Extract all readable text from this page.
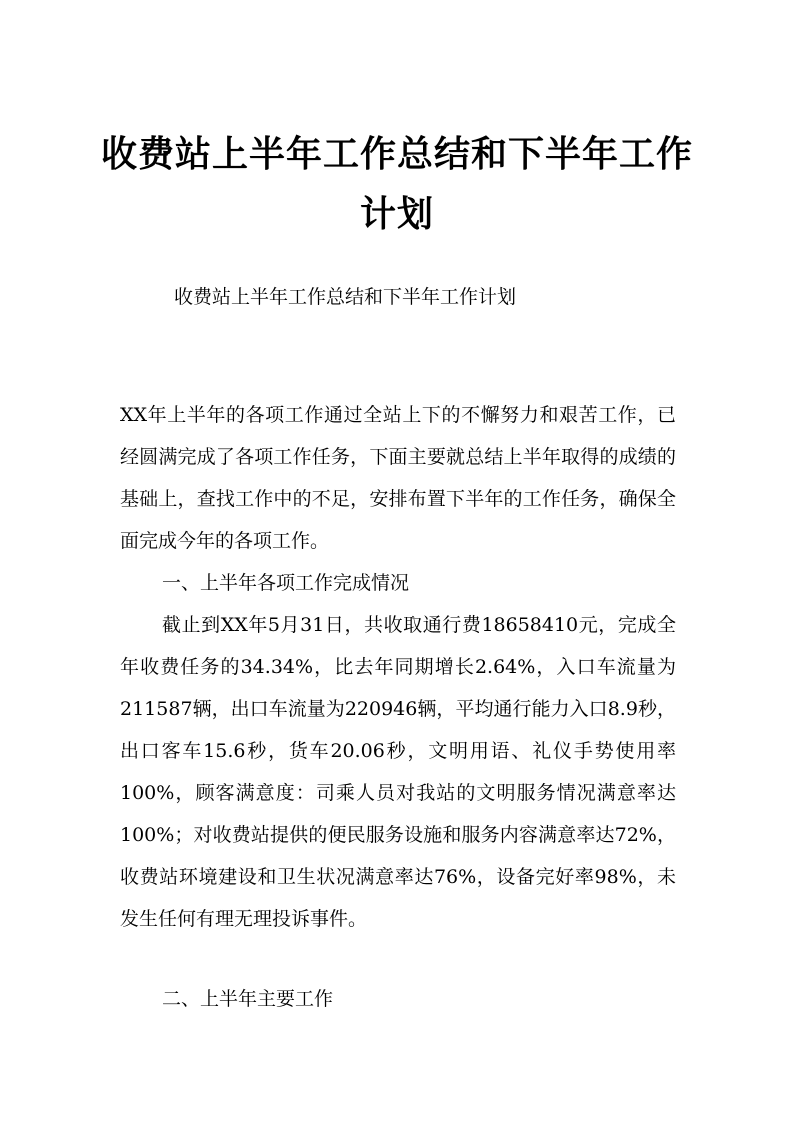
收费站上半年工作总结和下半年工作计划
收费站上半年工作总结和下半年工作计划

XX年上半年的各项工作通过全站上下的不懈努力和艰苦工作，已经圆满完成了各项工作任务，下面主要就总结上半年取得的成绩的基础上，查找工作中的不足，安排布置下半年的工作任务，确保全面完成今年的各项工作。

一、上半年各项工作完成情况

截止到XX年5月31日，共收取通行费18658410元，完成全年收费任务的34.34%，比去年同期增长2.64%，入口车流量为211587辆，出口车流量为220946辆，平均通行能力入口8.9秒，出口客车15.6秒，货车20.06秒，文明用语、礼仪手势使用率100%，顾客满意度：司乘人员对我站的文明服务情况满意率达100%；对收费站提供的便民服务设施和服务内容满意率达72%，收费站环境建设和卫生状况满意率达76%，设备完好率98%，未发生任何有理无理投诉事件。

二、上半年主要工作
